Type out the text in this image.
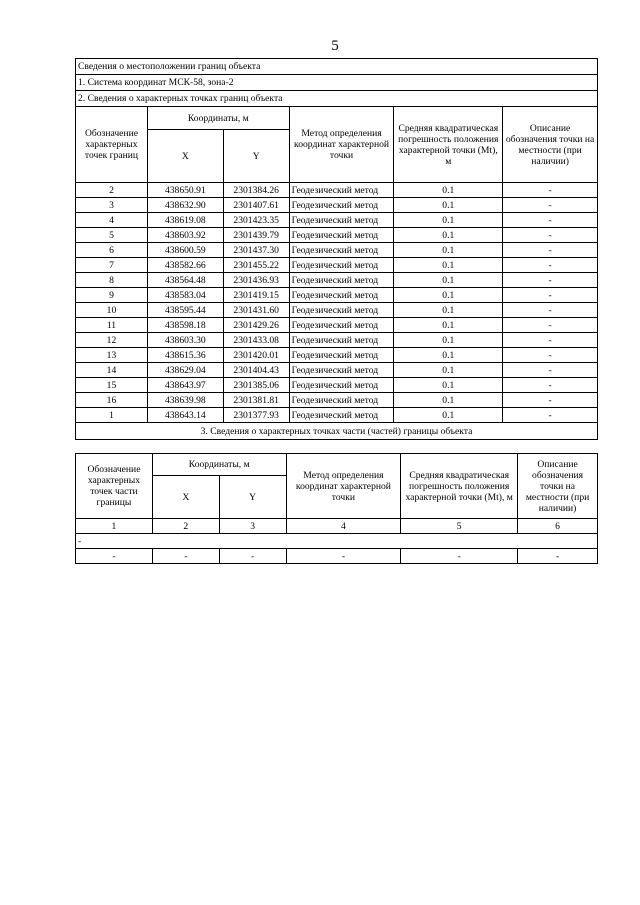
5
Сведения о местоположении границ объекта					
1. Система координат МСК-58, зона-2					
2. Сведения о характерных точках границ объекта					
Обозначение характерных точек границ	Координаты, м		Метод определения координат характерной точки	Средняя квадратическая погрешность положения характерной точки (Mt), м	Описание обозначения точки на местности (при наличии)
	X	Y			
2	438650.91	2301384.26	Геодезический метод	0.1	-
3	438632.90	2301407.61	Геодезический метод	0.1	-
4	438619.08	2301423.35	Геодезический метод	0.1	-
5	438603.92	2301439.79	Геодезический метод	0.1	-
6	438600.59	2301437.30	Геодезический метод	0.1	-
7	438582.66	2301455.22	Геодезический метод	0.1	-
8	438564.48	2301436.93	Геодезический метод	0.1	-
9	438583.04	2301419.15	Геодезический метод	0.1	-
10	438595.44	2301431.60	Геодезический метод	0.1	-
11	438598.18	2301429.26	Геодезический метод	0.1	-
12	438603.30	2301433.08	Геодезический метод	0.1	-
13	438615.36	2301420.01	Геодезический метод	0.1	-
14	438629.04	2301404.43	Геодезический метод	0.1	-
15	438643.97	2301385.06	Геодезический метод	0.1	-
16	438639.98	2301381.81	Геодезический метод	0.1	-
1	438643.14	2301377.93	Геодезический метод	0.1	-
3. Сведения о характерных точках части (частей) границы объекта					
Обозначение характерных точек части границы	Координаты, м		Метод определения координат характерной точки	Средняя квадратическая погрешность положения характерной точки (Mt), м	Описание обозначения точки на местности (при наличии)
	X	Y			
1	2	3	4	5	6
-					
-	-	-	-	-	-
